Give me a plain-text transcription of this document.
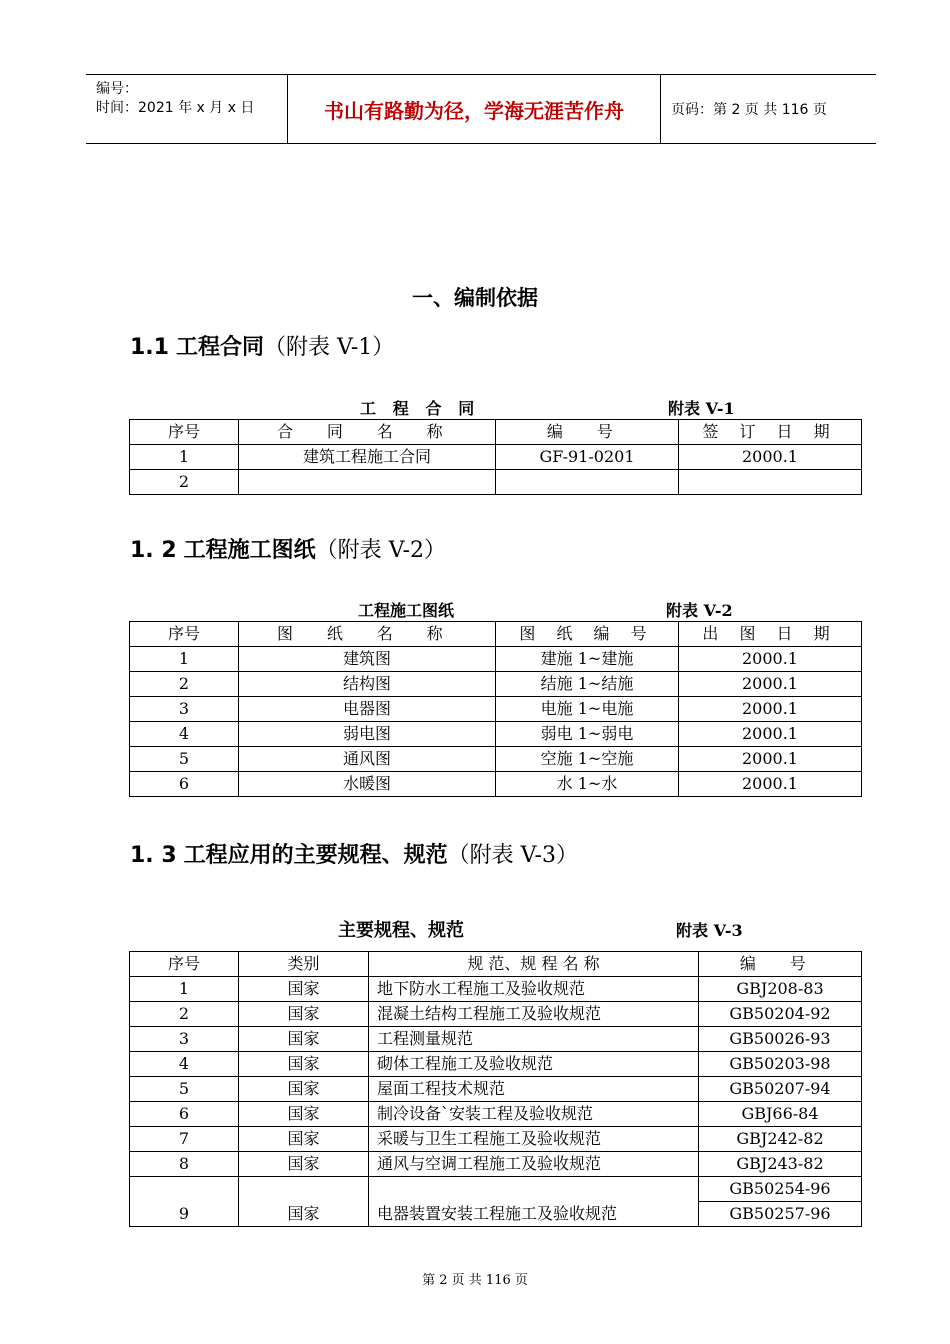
编号：
时间：2021 年 x 月 x 日	书山有路勤为径，学海无涯苦作舟	页码：第 2 页 共 116 页
一、编制依据
1.1 工程合同（附表 V-1）
工 程 合 同	附表 V-1
序号	合 同 名 称	编 号	签 订 日 期
1	建筑工程施工合同	GF-91-0201	2000.1
2			
1. 2 工程施工图纸（附表 V-2）
工程施工图纸	附表 V-2
序号	图 纸 名 称	图 纸 编 号	出 图 日 期
1	建筑图	建施 1~建施	2000.1
2	结构图	结施 1~结施	2000.1
3	电器图	电施 1~电施	2000.1
4	弱电图	弱电 1~弱电	2000.1
5	通风图	空施 1~空施	2000.1
6	水暖图	水 1~水	2000.1
1. 3 工程应用的主要规程、规范（附表 V-3）
主要规程、规范	附表 V-3
序号	类别	规 范、规 程 名 称	编 号
1	国家	地下防水工程施工及验收规范	GBJ208-83
2	国家	混凝土结构工程施工及验收规范	GB50204-92
3	国家	工程测量规范	GB50026-93
4	国家	砌体工程施工及验收规范	GB50203-98
5	国家	屋面工程技术规范	GB50207-94
6	国家	制冷设备`安装工程及验收规范	GBJ66-84
7	国家	采暖与卫生工程施工及验收规范	GBJ242-82
8	国家	通风与空调工程施工及验收规范	GBJ243-82
9	国家	电器装置安装工程施工及验收规范	GB50254-96
			GB50257-96
第 2 页 共 116 页
